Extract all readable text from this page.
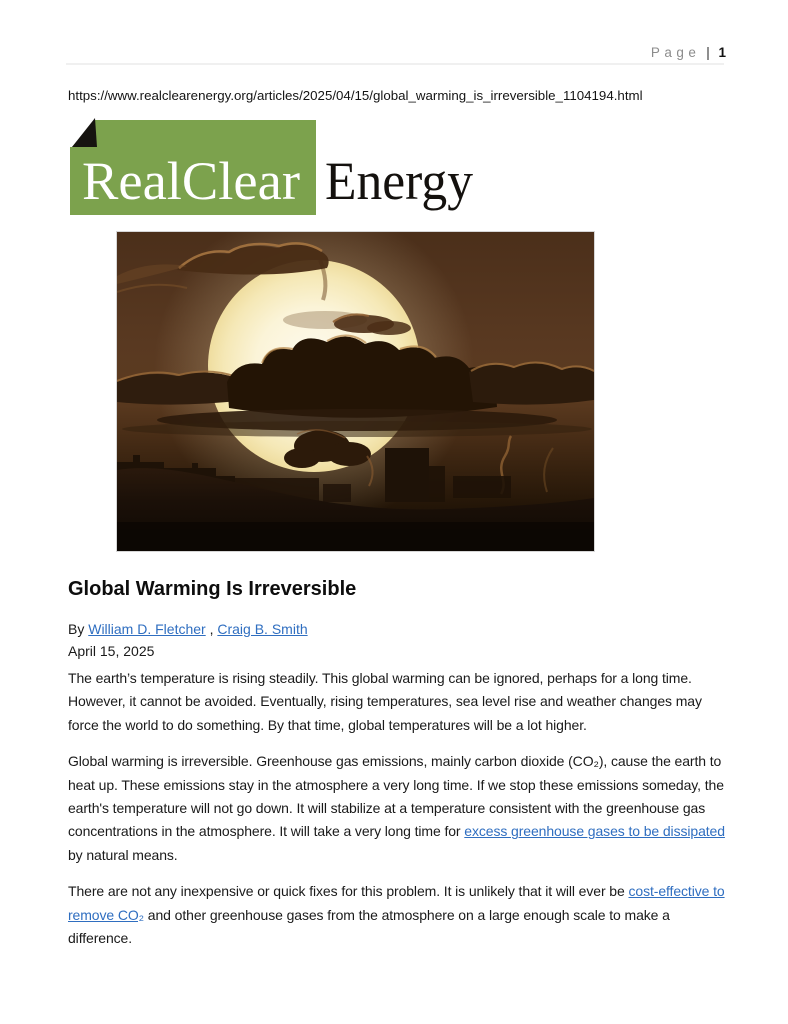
Page | 1
https://www.realclearenergy.org/articles/2025/04/15/global_warming_is_irreversible_1104194.html
RealClear Energy
Global Warming Is Irreversible
By William D. Fletcher , Craig B. Smith
April 15, 2025

The earth’s temperature is rising steadily. This global warming can be ignored, perhaps for a long time. However, it cannot be avoided. Eventually, rising temperatures, sea level rise and weather changes may force the world to do something. By that time, global temperatures will be a lot higher.

Global warming is irreversible. Greenhouse gas emissions, mainly carbon dioxide (CO₂), cause the earth to heat up. These emissions stay in the atmosphere a very long time. If we stop these emissions someday, the earth's temperature will not go down. It will stabilize at a temperature consistent with the greenhouse gas concentrations in the atmosphere. It will take a very long time for excess greenhouse gases to be dissipated by natural means.

There are not any inexpensive or quick fixes for this problem. It is unlikely that it will ever be cost-effective to remove CO₂ and other greenhouse gases from the atmosphere on a large enough scale to make a difference.
